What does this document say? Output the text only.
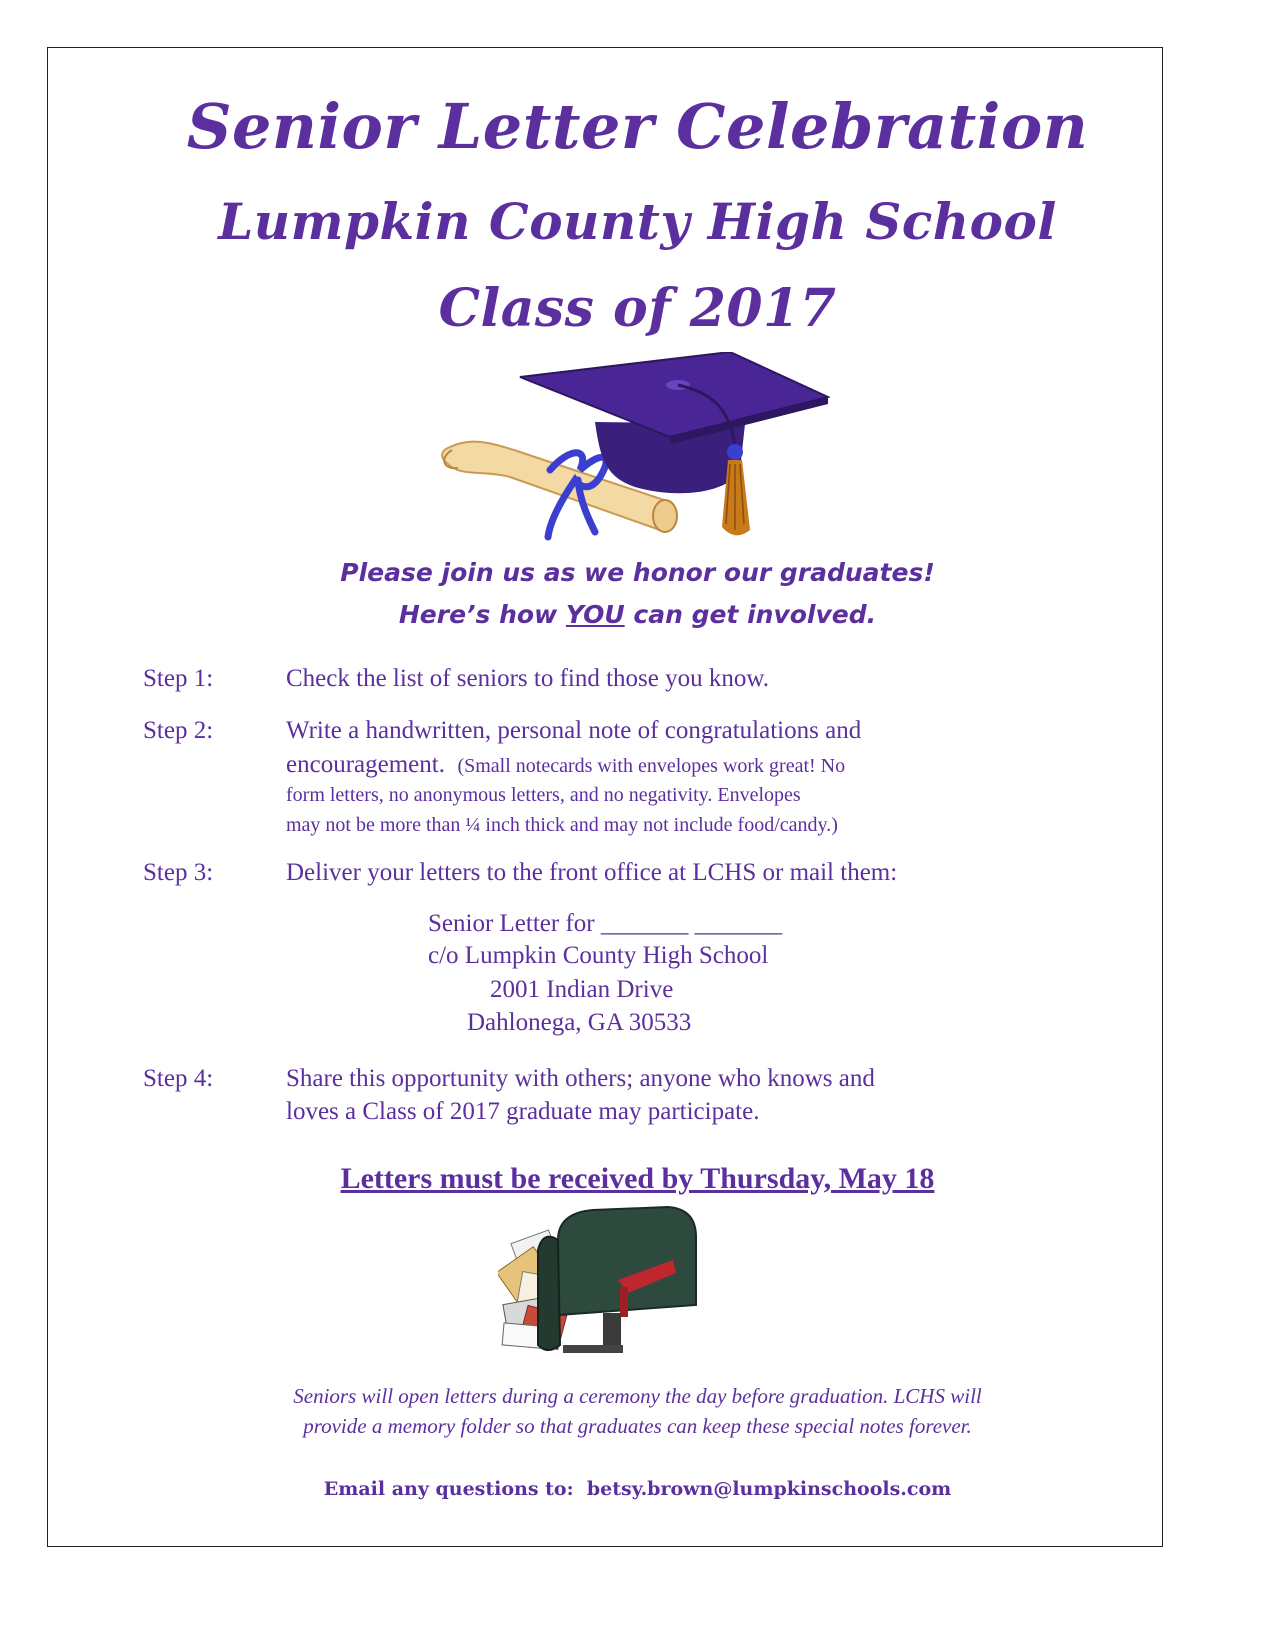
Senior Letter Celebration
Lumpkin County High School
Class of 2017
Please join us as we honor our graduates!
Here’s how YOU can get involved.
Step 1:	Check the list of seniors to find those you know.
Step 2:	Write a handwritten, personal note of congratulations and
encouragement. (Small notecards with envelopes work great! No
form letters, no anonymous letters, and no negativity. Envelopes
may not be more than ¼ inch thick and may not include food/candy.)
Step 3:	Deliver your letters to the front office at LCHS or mail them:
Senior Letter for _______ _______
c/o Lumpkin County High School
2001 Indian Drive
Dahlonega, GA 30533
Step 4:	Share this opportunity with others; anyone who knows and
loves a Class of 2017 graduate may participate.
Letters must be received by Thursday, May 18
Seniors will open letters during a ceremony the day before graduation. LCHS will
provide a memory folder so that graduates can keep these special notes forever.
Email any questions to: betsy.brown@lumpkinschools.com
